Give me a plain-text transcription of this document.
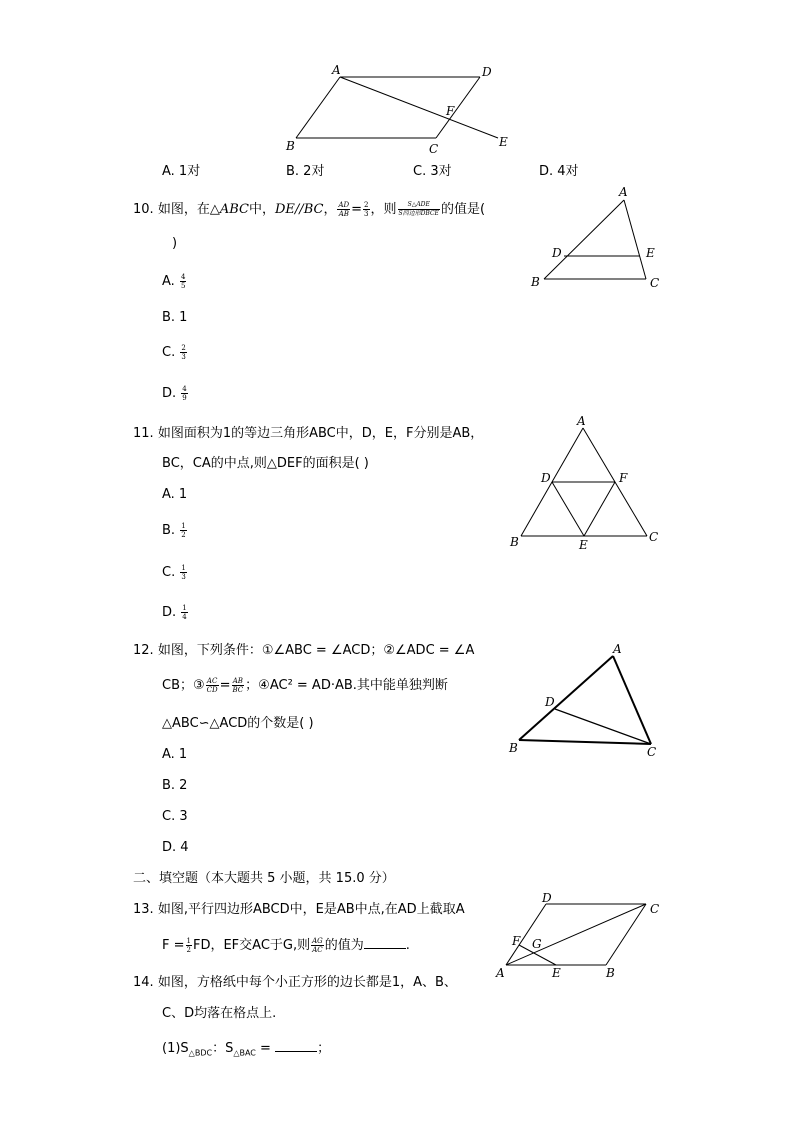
A	D
F
B	C	E
A. 1对	B. 2对	C. 3对	D. 4对
10. 如图，在△ABC中，DE//BC， $\frac{AD}{AB} = \frac{2}{3}$ ，则 $\frac{\text{S△ADE}}{\text{S四边形DBCE}}$ 的值是(
)
A. $\frac{4}{5}$
B. 1
C. $\frac{2}{3}$
D. $\frac{4}{9}$
A
D	E
B	C
11. 如图面积为1的等边三角形ABC中，D，E，F分别是AB，
BC，CA的中点,则△DEF的面积是( )
A. 1
B. $\frac{1}{2}$
C. $\frac{1}{3}$
D. $\frac{1}{4}$
A
D	F
B	E
C
12. 如图，下列条件：①∠ABC = ∠ACD；②∠ADC = ∠A
CB；③ $\frac{AC}{CD} = \frac{AB}{BC}$ ；④AC² = AD·AB.其中能单独判断
△ABC∽△ACD的个数是( )
A. 1
B. 2
C. 3
D. 4
A
D
B	C
二、填空题（本大题共 5 小题，共 15.0 分）
13. 如图,平行四边形ABCD中，E是AB中点,在AD上截取A
$F = \frac{1}{2}$ FD，EF交AC于G,则 $\frac{AG}{AC}$ 的值为	.
D
C
F G
A	E	B
14. 如图，方格纸中每个小正方形的边长都是1，A、B、
C、D均落在格点上.
$(1)S_{\triangle BDC}$：$S_{\triangle BAC}$ =	；
